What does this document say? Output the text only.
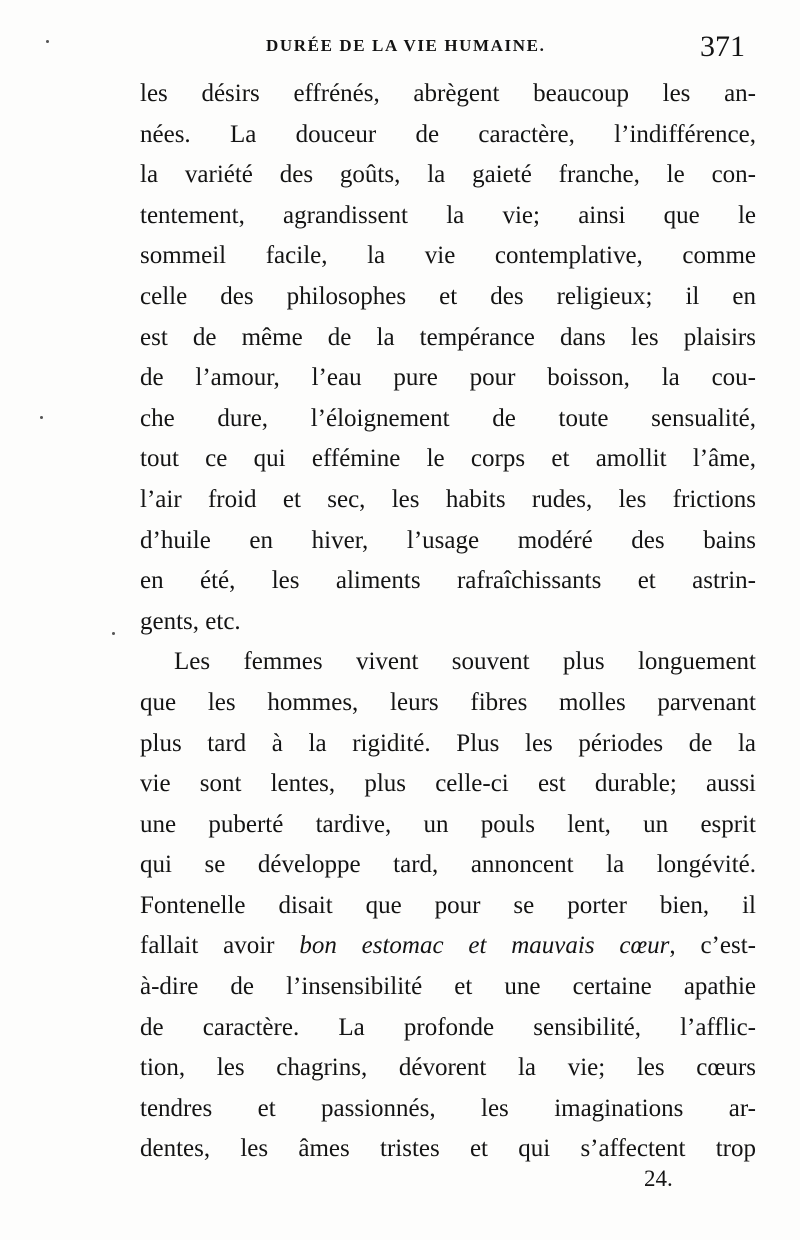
DURÉE DE LA VIE HUMAINE.	371
les désirs effrénés, abrègent beaucoup les an-
nées. La douceur de caractère, l’indifférence,
la variété des goûts, la gaieté franche, le con-
tentement, agrandissent la vie; ainsi que le
sommeil facile, la vie contemplative, comme
celle des philosophes et des religieux; il en
est de même de la tempérance dans les plaisirs
de l’amour, l’eau pure pour boisson, la cou-
che dure, l’éloignement de toute sensualité,
tout ce qui effémine le corps et amollit l’âme,
l’air froid et sec, les habits rudes, les frictions
d’huile en hiver, l’usage modéré des bains
en été, les aliments rafraîchissants et astrin-
gents, etc.
Les femmes vivent souvent plus longuement
que les hommes, leurs fibres molles parvenant
plus tard à la rigidité. Plus les périodes de la
vie sont lentes, plus celle-ci est durable; aussi
une puberté tardive, un pouls lent, un esprit
qui se développe tard, annoncent la longévité.
Fontenelle disait que pour se porter bien, il
fallait avoir bon estomac et mauvais cœur, c’est-
à-dire de l’insensibilité et une certaine apathie
de caractère. La profonde sensibilité, l’afflic-
tion, les chagrins, dévorent la vie; les cœurs
tendres et passionnés, les imaginations ar-
dentes, les âmes tristes et qui s’affectent trop
24.
